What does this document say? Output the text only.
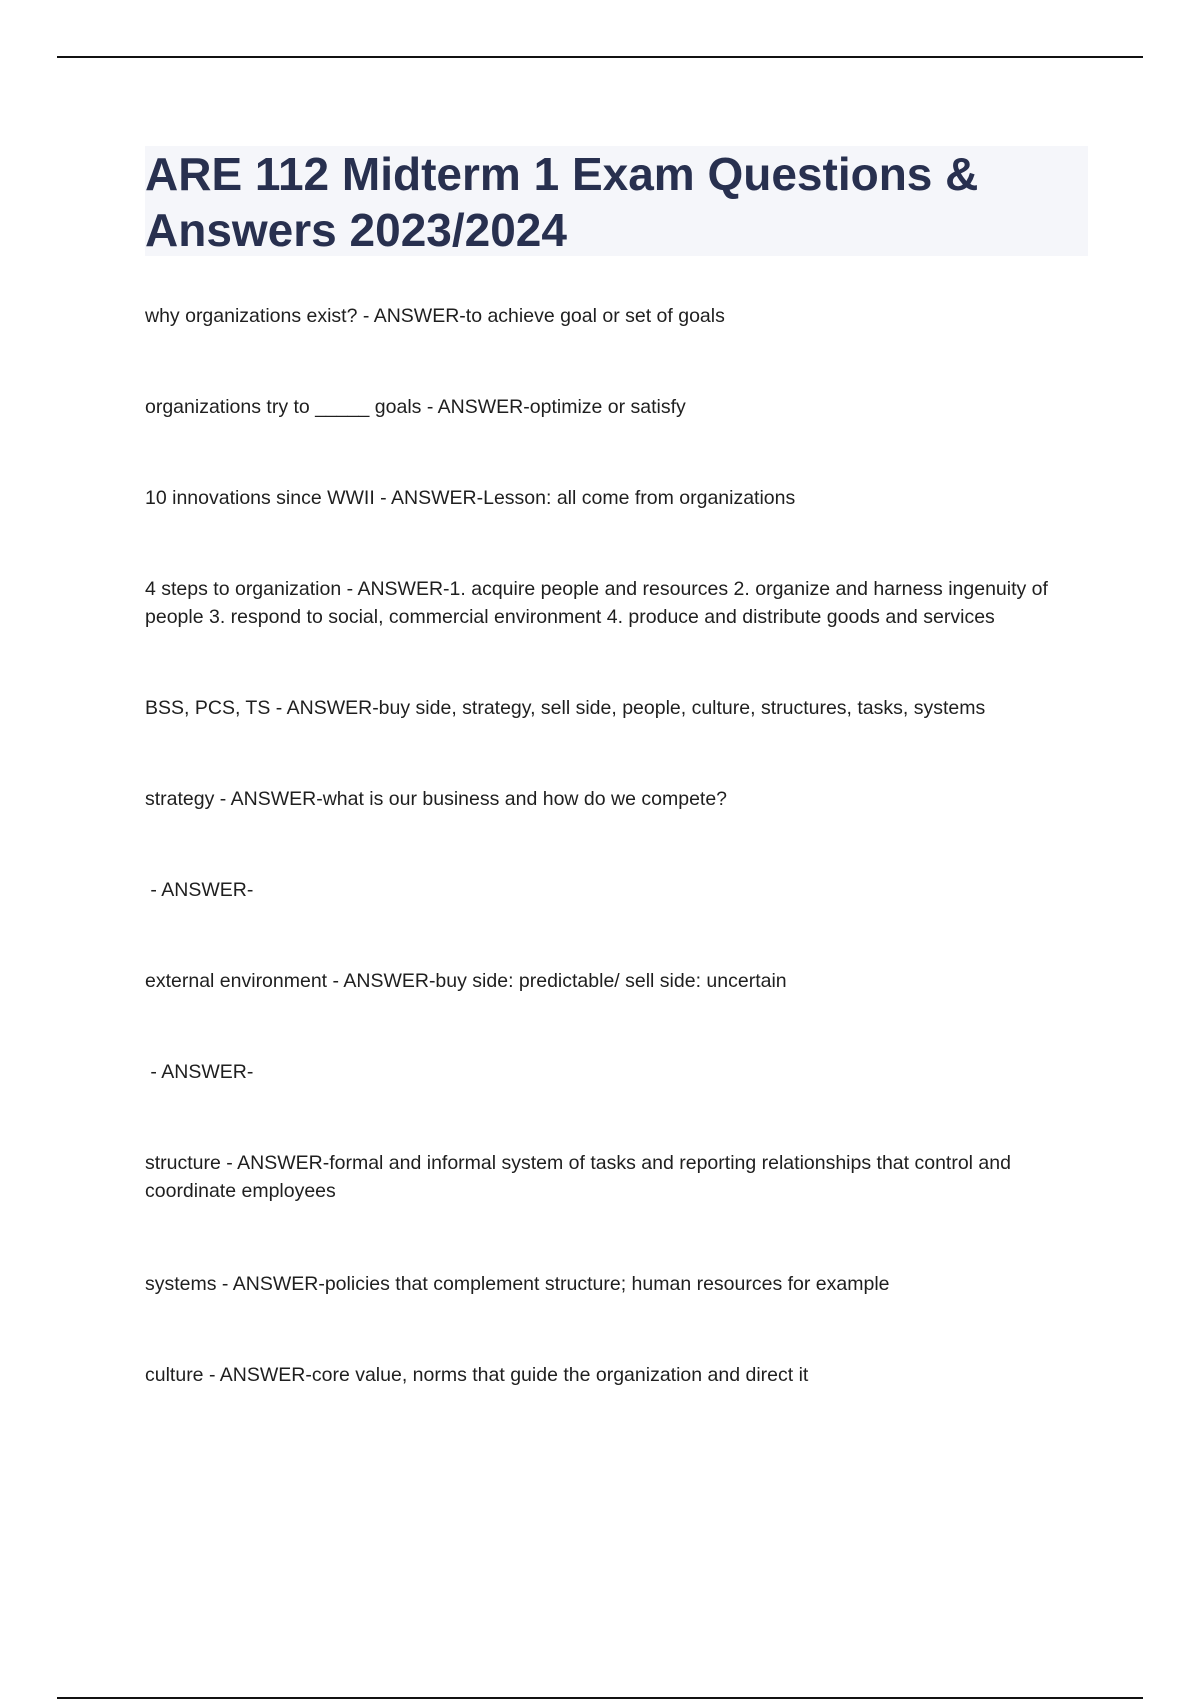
ARE 112 Midterm 1 Exam Questions & Answers 2023/2024
why organizations exist? - ANSWER-to achieve goal or set of goals
organizations try to _____ goals - ANSWER-optimize or satisfy
10 innovations since WWII - ANSWER-Lesson: all come from organizations
4 steps to organization - ANSWER-1. acquire people and resources 2. organize and harness ingenuity of people 3. respond to social, commercial environment 4. produce and distribute goods and services
BSS, PCS, TS - ANSWER-buy side, strategy, sell side, people, culture, structures, tasks, systems
strategy - ANSWER-what is our business and how do we compete?
- ANSWER-
external environment - ANSWER-buy side: predictable/ sell side: uncertain
- ANSWER-
structure - ANSWER-formal and informal system of tasks and reporting relationships that control and coordinate employees
systems - ANSWER-policies that complement structure; human resources for example
culture - ANSWER-core value, norms that guide the organization and direct it
